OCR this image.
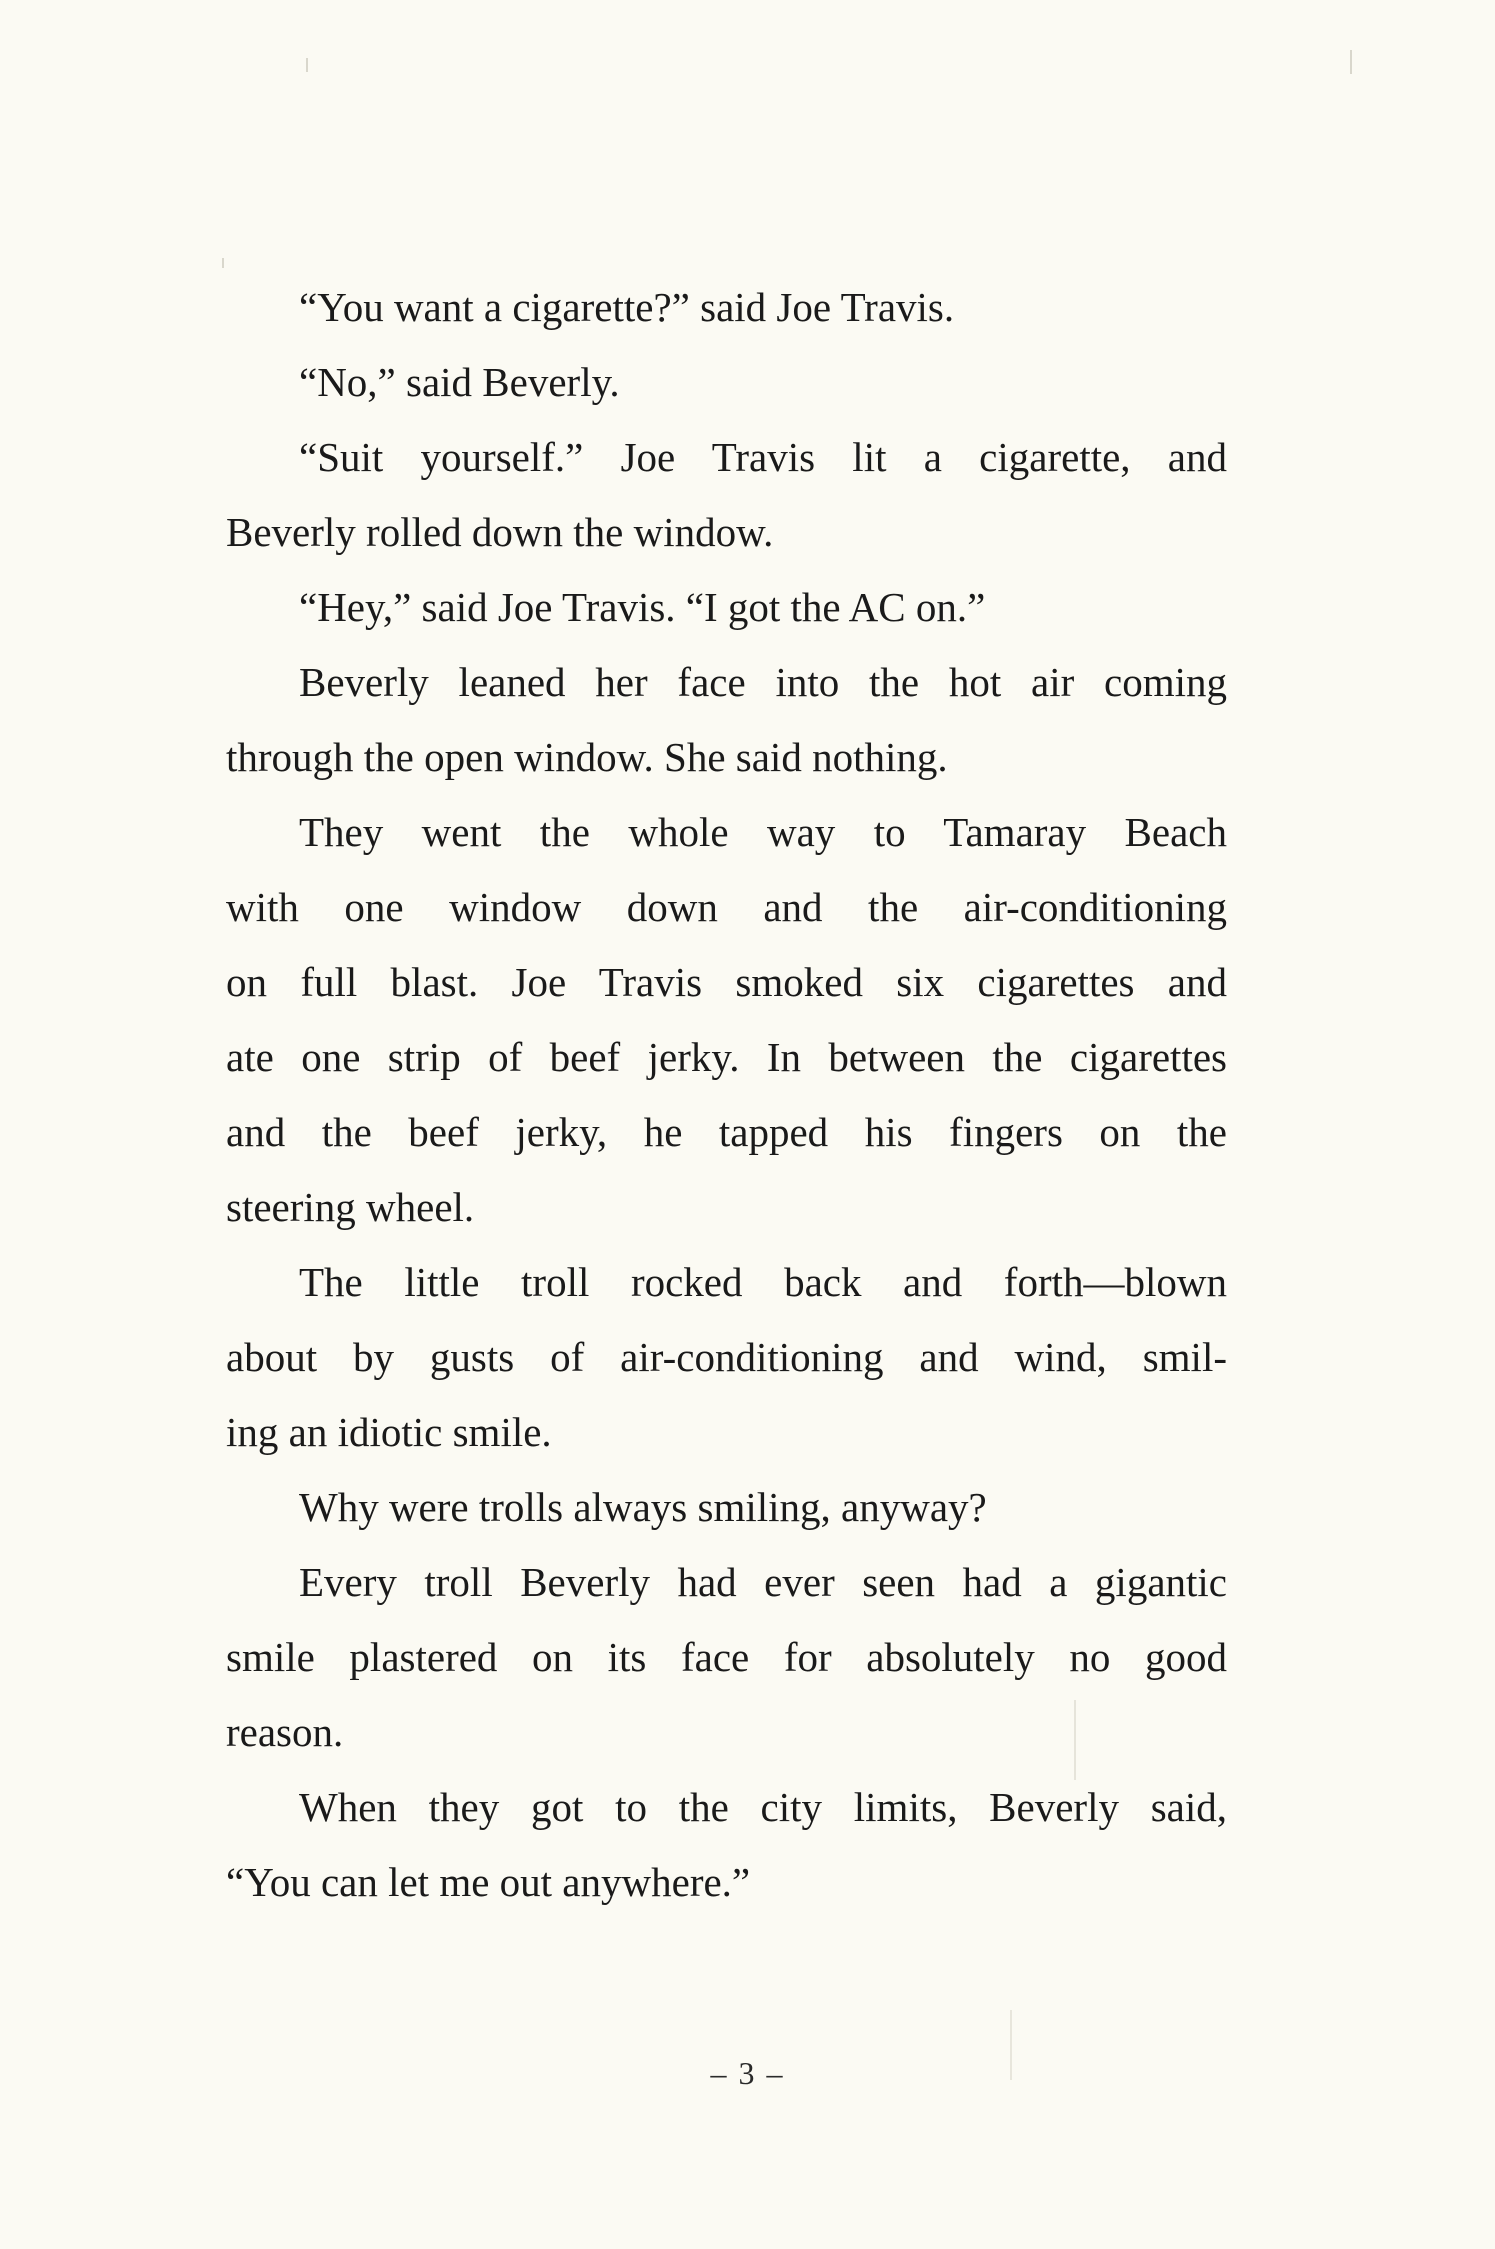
“You want a cigarette?” said Joe Travis.
“No,” said Beverly.
“Suit yourself.” Joe Travis lit a cigarette, and
Beverly rolled down the window.
“Hey,” said Joe Travis. “I got the AC on.”
Beverly leaned her face into the hot air coming
through the open window. She said nothing.
They went the whole way to Tamaray Beach
with one window down and the air-conditioning
on full blast. Joe Travis smoked six cigarettes and
ate one strip of beef jerky. In between the cigarettes
and the beef jerky, he tapped his fingers on the
steering wheel.
The little troll rocked back and forth—blown
about by gusts of air-conditioning and wind, smil-
ing an idiotic smile.
Why were trolls always smiling, anyway?
Every troll Beverly had ever seen had a gigantic
smile plastered on its face for absolutely no good
reason.
When they got to the city limits, Beverly said,
“You can let me out anywhere.”
– 3 –
